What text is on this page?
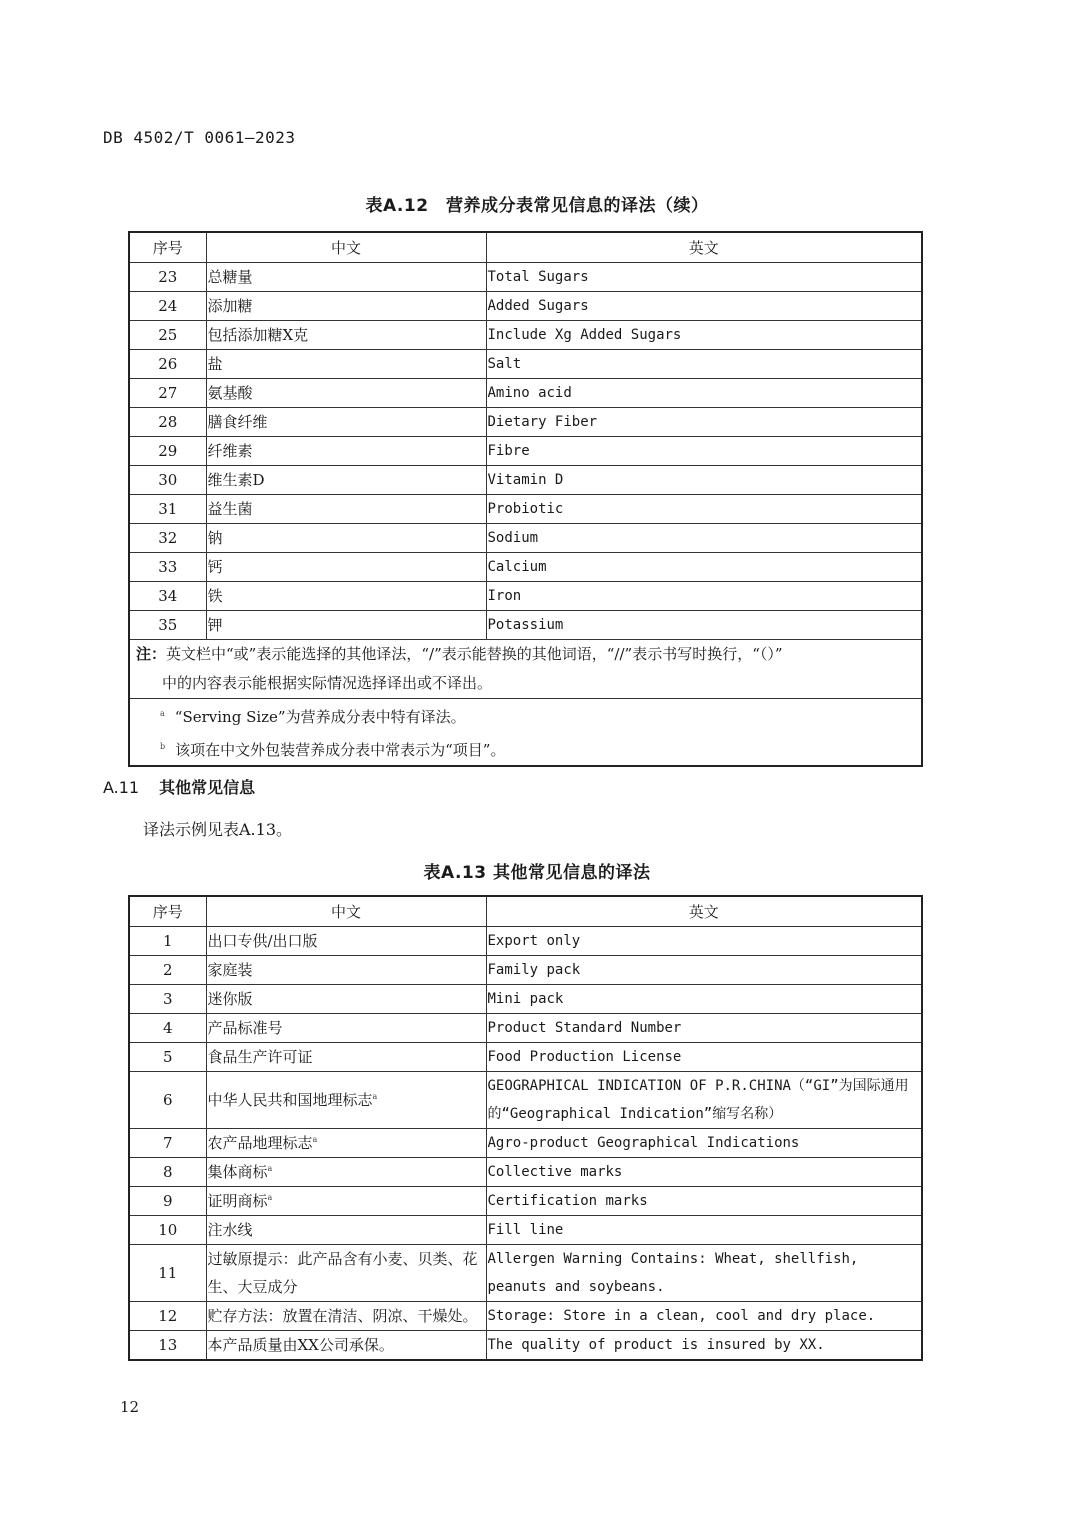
DB 4502/T 0061—2023
表A.12　营养成分表常见信息的译法（续）
序号	中文	英文
23	总糖量	Total Sugars
24	添加糖	Added Sugars
25	包括添加糖X克	Include Xg Added Sugars
26	盐	Salt
27	氨基酸	Amino acid
28	膳食纤维	Dietary Fiber
29	纤维素	Fibre
30	维生素D	Vitamin D
31	益生菌	Probiotic
32	钠	Sodium
33	钙	Calcium
34	铁	Iron
35	钾	Potassium
注：英文栏中“或”表示能选择的其他译法，“/”表示能替换的其他词语，“//”表示书写时换行，“（）”
中的内容表示能根据实际情况选择译出或不译出。		

$^a$ “Serving Size”为营养成分表中特有译法。
$^b$ 该项在中文外包装营养成分表中常表示为“项目”。		
A.11 其他常见信息
译法示例见表A.13。
表A.13 其他常见信息的译法
序号	中文	英文
1	出口专供/出口版	Export only
2	家庭装	Family pack
3	迷你版	Mini pack
4	产品标准号	Product Standard Number
5	食品生产许可证	Food Production License
6	中华人民共和国地理标志$^a$	GEOGRAPHICAL INDICATION OF P.R.CHINA（“GI”为国际通用的“Geographical Indication”缩写名称）
7	农产品地理标志$^a$	Agro-product Geographical Indications
8	集体商标$^a$	Collective marks
9	证明商标$^a$	Certification marks
10	注水线	Fill line
11	过敏原提示：此产品含有小麦、贝类、花生、大豆成分	Allergen Warning Contains: Wheat, shellfish, peanuts and soybeans.
12	贮存方法：放置在清洁、阴凉、干燥处。	Storage: Store in a clean, cool and dry place.
13	本产品质量由XX公司承保。	The quality of product is insured by XX.
12
